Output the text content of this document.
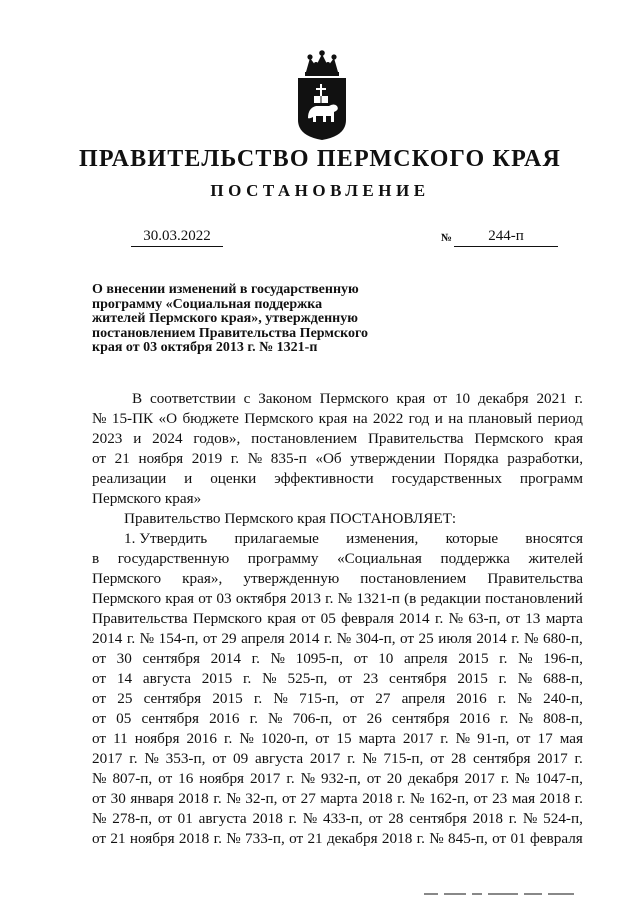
ПРАВИТЕЛЬСТВО ПЕРМСКОГО КРАЯ
ПОСТАНОВЛЕНИЕ
30.03.2022	№	244-п
О внесении изменений в государственную
программу «Социальная поддержка
жителей Пермского края», утвержденную
постановлением Правительства Пермского
края от 03 октября 2013 г. № 1321-п
В соответствии с Законом Пермского края от 10 декабря 2021 г.
№ 15-ПК «О бюджете Пермского края на 2022 год и на плановый период
2023 и 2024 годов», постановлением Правительства Пермского края
от 21 ноября 2019 г. № 835-п «Об утверждении Порядка разработки,
реализации и оценки эффективности государственных программ
Пермского края»
Правительство Пермского края ПОСТАНОВЛЯЕТ:
1. Утвердить прилагаемые изменения, которые вносятся
в государственную программу «Социальная поддержка жителей
Пермского края», утвержденную постановлением Правительства
Пермского края от 03 октября 2013 г. № 1321-п (в редакции постановлений
Правительства Пермского края от 05 февраля 2014 г. № 63-п, от 13 марта
2014 г. № 154-п, от 29 апреля 2014 г. № 304-п, от 25 июля 2014 г. № 680-п,
от 30 сентября 2014 г. № 1095-п, от 10 апреля 2015 г. № 196-п,
от 14 августа 2015 г. № 525-п, от 23 сентября 2015 г. № 688-п,
от 25 сентября 2015 г. № 715-п, от 27 апреля 2016 г. № 240-п,
от 05 сентября 2016 г. № 706-п, от 26 сентября 2016 г. № 808-п,
от 11 ноября 2016 г. № 1020-п, от 15 марта 2017 г. № 91-п, от 17 мая
2017 г. № 353-п, от 09 августа 2017 г. № 715-п, от 28 сентября 2017 г.
№ 807-п, от 16 ноября 2017 г. № 932-п, от 20 декабря 2017 г. № 1047-п,
от 30 января 2018 г. № 32-п, от 27 марта 2018 г. № 162-п, от 23 мая 2018 г.
№ 278-п, от 01 августа 2018 г. № 433-п, от 28 сентября 2018 г. № 524-п,
от 21 ноября 2018 г. № 733-п, от 21 декабря 2018 г. № 845-п, от 01 февраля
